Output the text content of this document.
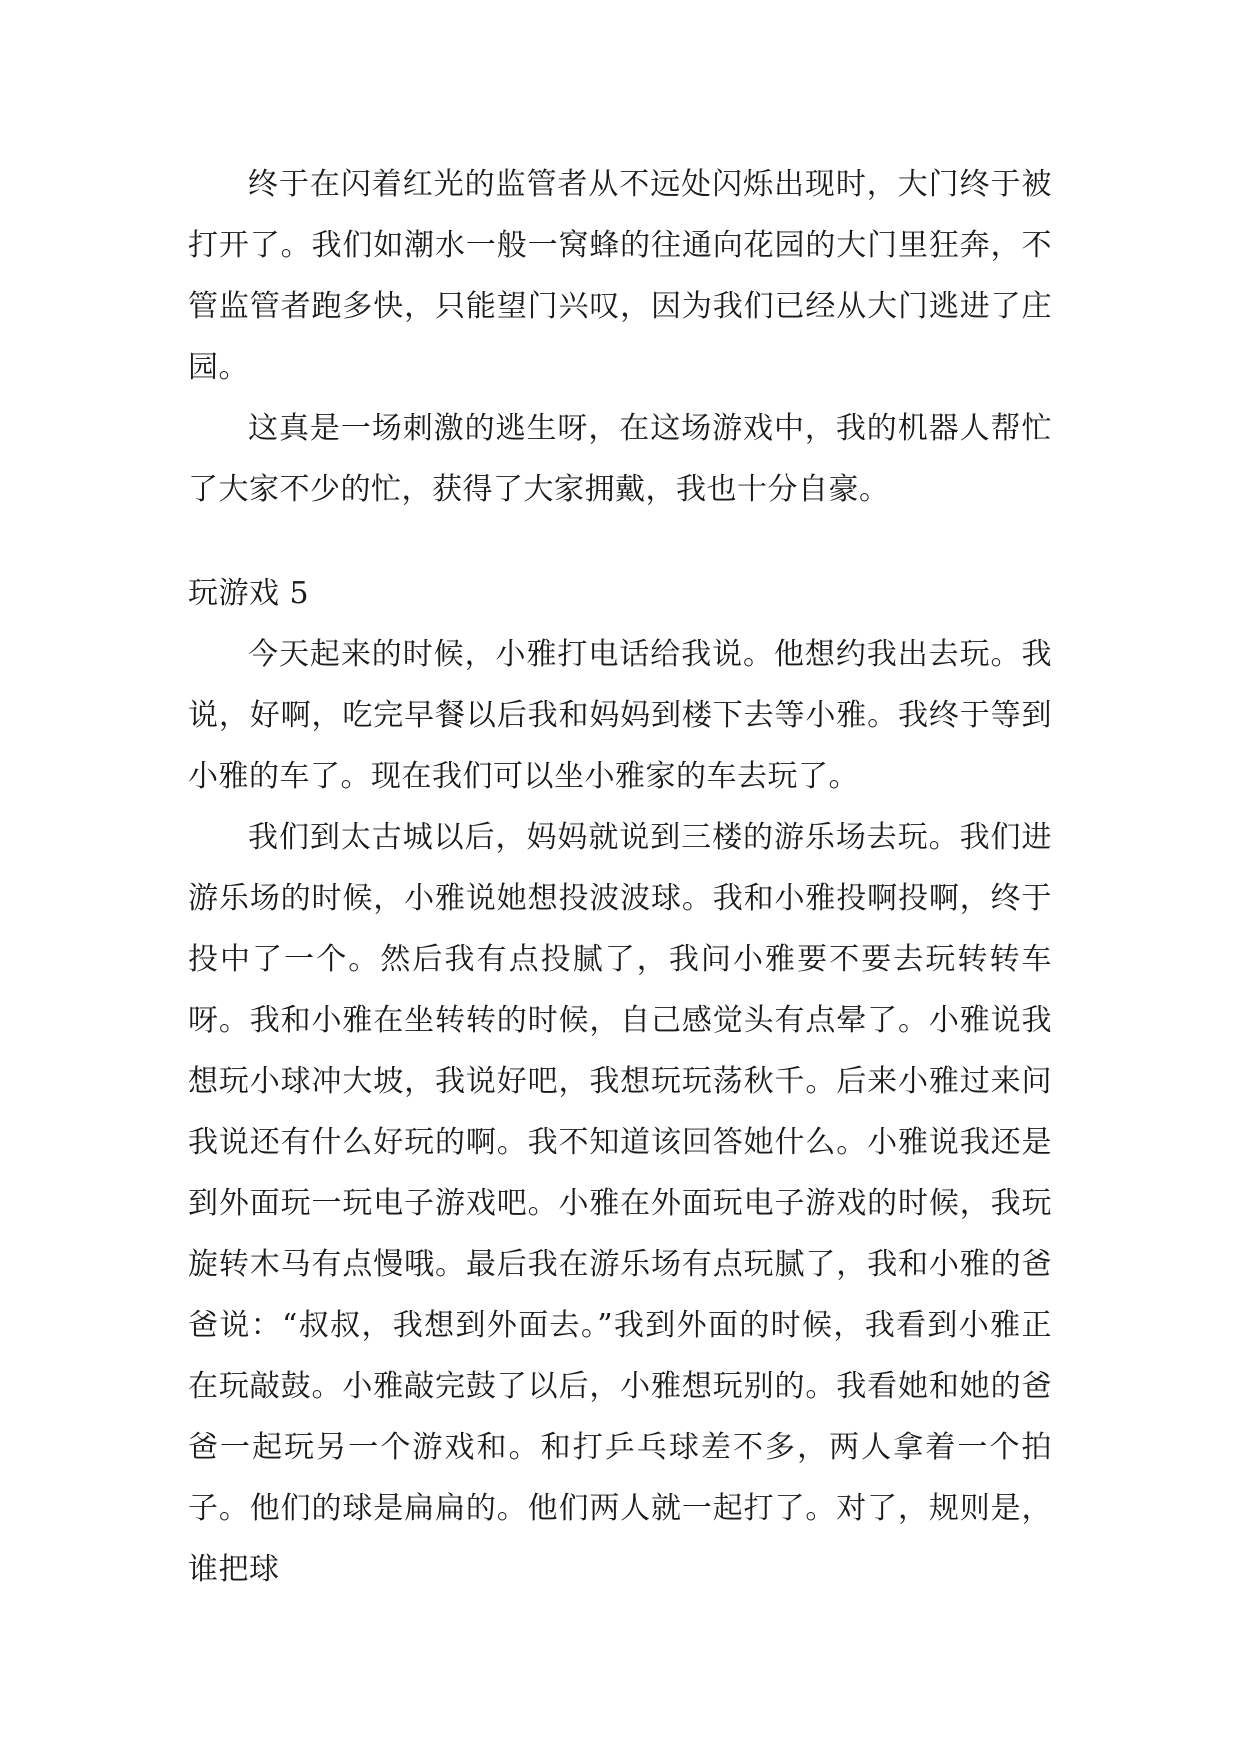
终于在闪着红光的监管者从不远处闪烁出现时，大门终于被打开了。我们如潮水一般一窝蜂的往通向花园的大门里狂奔，不管监管者跑多快，只能望门兴叹，因为我们已经从大门逃进了庄园。

这真是一场刺激的逃生呀，在这场游戏中，我的机器人帮忙了大家不少的忙，获得了大家拥戴，我也十分自豪。

玩游戏 5

今天起来的时候，小雅打电话给我说。他想约我出去玩。我说，好啊，吃完早餐以后我和妈妈到楼下去等小雅。我终于等到小雅的车了。现在我们可以坐小雅家的车去玩了。

我们到太古城以后，妈妈就说到三楼的游乐场去玩。我们进游乐场的时候，小雅说她想投波波球。我和小雅投啊投啊，终于投中了一个。然后我有点投腻了，我问小雅要不要去玩转转车呀。我和小雅在坐转转的时候，自己感觉头有点晕了。小雅说我想玩小球冲大坡，我说好吧，我想玩玩荡秋千。后来小雅过来问我说还有什么好玩的啊。我不知道该回答她什么。小雅说我还是到外面玩一玩电子游戏吧。小雅在外面玩电子游戏的时候，我玩旋转木马有点慢哦。最后我在游乐场有点玩腻了，我和小雅的爸爸说：“叔叔，我想到外面去。”我到外面的时候，我看到小雅正在玩敲鼓。小雅敲完鼓了以后，小雅想玩别的。我看她和她的爸爸一起玩另一个游戏和。和打乒乓球差不多，两人拿着一个拍子。他们的球是扁扁的。他们两人就一起打了。对了，规则是，谁把球
